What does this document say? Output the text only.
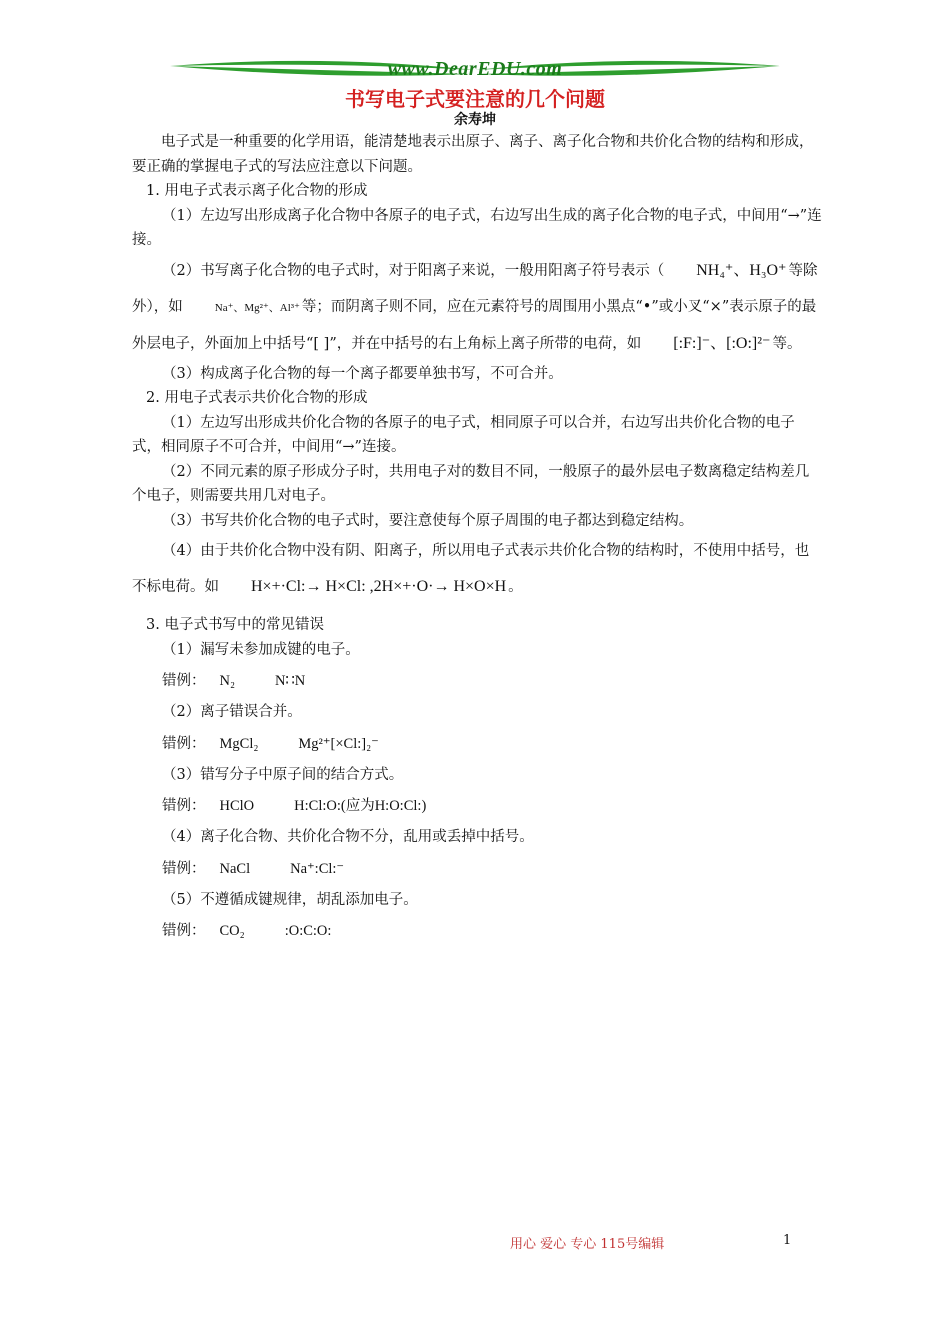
www.DearEDU.com
书写电子式要注意的几个问题

余寿坤

电子式是一种重要的化学用语，能清楚地表示出原子、离子、离子化合物和共价化合物的结构和形成，要正确的掌握电子式的写法应注意以下问题。

1. 用电子式表示离子化合物的形成

（1）左边写出形成离子化合物中各原子的电子式，右边写出生成的离子化合物的电子式，中间用“→”连接。

（2）书写离子化合物的电子式时，对于阳离子来说，一般用阳离子符号表示（ NH₄⁺、H₃O⁺ 等除外），如	Na⁺、Mg²⁺、Al³⁺ 等；而阴离子则不同，应在元素符号的周围用小黑点“•”或小叉“×”表示原子的最外层电子，外面加上中括号“[ ]”，并在中括号的右上角标上离子所带的电荷，如 [:F:]⁻、[:O:]²⁻ 等。

（3）构成离子化合物的每一个离子都要单独书写，不可合并。

2. 用电子式表示共价化合物的形成

（1）左边写出形成共价化合物的各原子的电子式，相同原子可以合并，右边写出共价化合物的电子式，相同原子不可合并，中间用“→”连接。

（2）不同元素的原子形成分子时，共用电子对的数目不同，一般原子的最外层电子数离稳定结构差几个电子，则需要共用几对电子。

（3）书写共价化合物的电子式时，要注意使每个原子周围的电子都达到稳定结构。

（4）由于共价化合物中没有阴、阳离子，所以用电子式表示共价化合物的结构时，不使用中括号，也不标电荷。如 H×+·Cl:→ H×Cl: ,2H×+·O·→ H×O×H 。

3. 电子式书写中的常见错误

（1）漏写未参加成键的电子。

错例： N₂	N∷N

（2）离子错误合并。

错例： MgCl₂	Mg²⁺[×Cl:]₂⁻

（3）错写分子中原子间的结合方式。

错例： HClO	H:Cl:O:(应为H:O:Cl:)

（4）离子化合物、共价化合物不分，乱用或丢掉中括号。

错例： NaCl	Na⁺:Cl:⁻

（5）不遵循成键规律，胡乱添加电子。

错例： CO₂	:O:C:O:

用心 爱心 专心 115号编辑	1
